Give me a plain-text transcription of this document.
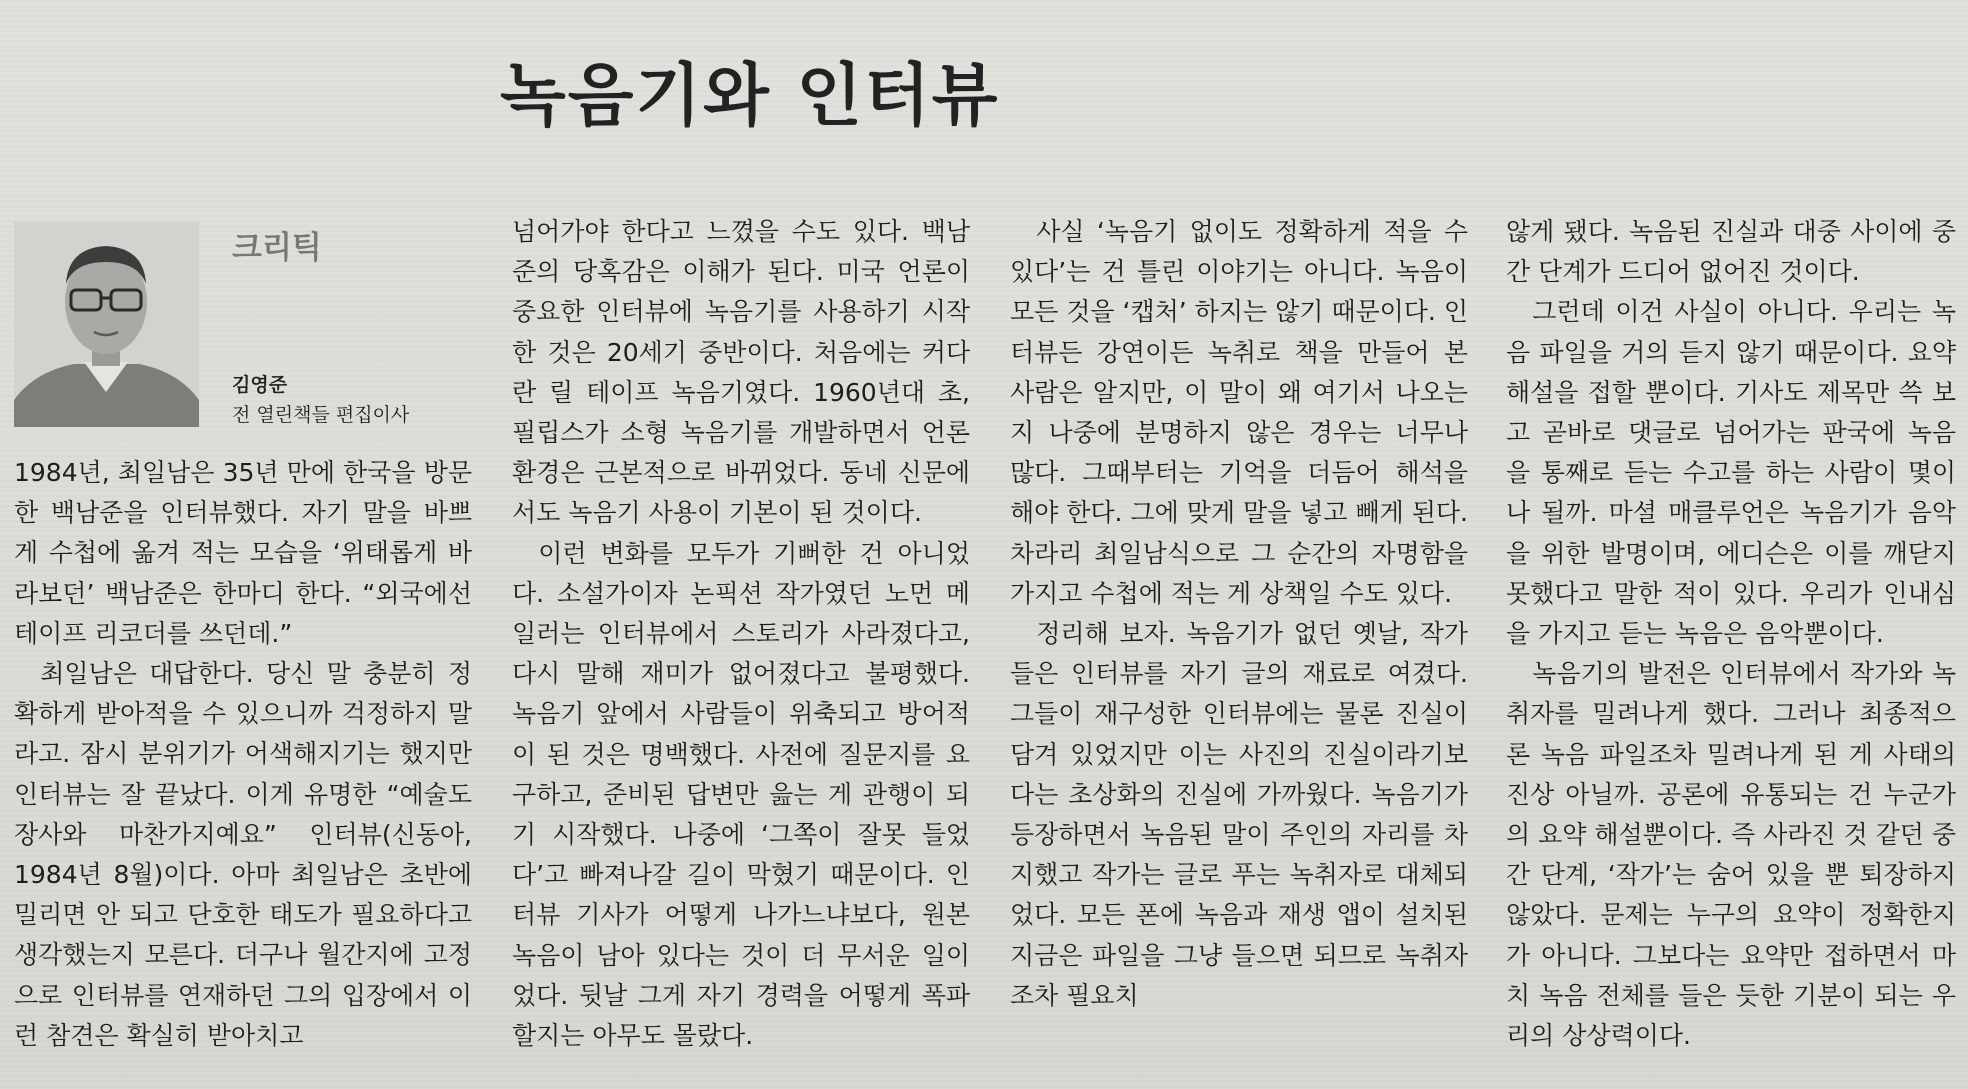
녹음기와 인터뷰
크리틱
김영준
전 열린책들 편집이사

1984년, 최일남은 35년 만에 한국을 방문한 백남준을 인터뷰했다. 자기 말을 바쁘게 수첩에 옮겨 적는 모습을 ‘위태롭게 바라보던’ 백남준은 한마디 한다. “외국에선 테이프 리코더를 쓰던데.”

최일남은 대답한다. 당신 말 충분히 정확하게 받아적을 수 있으니까 걱정하지 말라고. 잠시 분위기가 어색해지기는 했지만 인터뷰는 잘 끝났다. 이게 유명한 “예술도 장사와 마찬가지예요” 인터뷰(신동아, 1984년 8월)이다. 아마 최일남은 초반에 밀리면 안 되고 단호한 태도가 필요하다고 생각했는지 모른다. 더구나 월간지에 고정으로 인터뷰를 연재하던 그의 입장에서 이런 참견은 확실히 받아치고

넘어가야 한다고 느꼈을 수도 있다. 백남준의 당혹감은 이해가 된다. 미국 언론이 중요한 인터뷰에 녹음기를 사용하기 시작한 것은 20세기 중반이다. 처음에는 커다란 릴 테이프 녹음기였다. 1960년대 초, 필립스가 소형 녹음기를 개발하면서 언론 환경은 근본적으로 바뀌었다. 동네 신문에서도 녹음기 사용이 기본이 된 것이다.

이런 변화를 모두가 기뻐한 건 아니었다. 소설가이자 논픽션 작가였던 노먼 메일러는 인터뷰에서 스토리가 사라졌다고, 다시 말해 재미가 없어졌다고 불평했다. 녹음기 앞에서 사람들이 위축되고 방어적이 된 것은 명백했다. 사전에 질문지를 요구하고, 준비된 답변만 읊는 게 관행이 되기 시작했다. 나중에 ‘그쪽이 잘못 들었다’고 빠져나갈 길이 막혔기 때문이다. 인터뷰 기사가 어떻게 나가느냐보다, 원본 녹음이 남아 있다는 것이 더 무서운 일이었다. 뒷날 그게 자기 경력을 어떻게 폭파할지는 아무도 몰랐다.

사실 ‘녹음기 없이도 정확하게 적을 수 있다’는 건 틀린 이야기는 아니다. 녹음이 모든 것을 ‘캡처’ 하지는 않기 때문이다. 인터뷰든 강연이든 녹취로 책을 만들어 본 사람은 알지만, 이 말이 왜 여기서 나오는지 나중에 분명하지 않은 경우는 너무나 많다. 그때부터는 기억을 더듬어 해석을 해야 한다. 그에 맞게 말을 넣고 빼게 된다. 차라리 최일남식으로 그 순간의 자명함을 가지고 수첩에 적는 게 상책일 수도 있다.

정리해 보자. 녹음기가 없던 옛날, 작가들은 인터뷰를 자기 글의 재료로 여겼다. 그들이 재구성한 인터뷰에는 물론 진실이 담겨 있었지만 이는 사진의 진실이라기보다는 초상화의 진실에 가까웠다. 녹음기가 등장하면서 녹음된 말이 주인의 자리를 차지했고 작가는 글로 푸는 녹취자로 대체되었다. 모든 폰에 녹음과 재생 앱이 설치된 지금은 파일을 그냥 들으면 되므로 녹취자조차 필요치

않게 됐다. 녹음된 진실과 대중 사이에 중간 단계가 드디어 없어진 것이다.

그런데 이건 사실이 아니다. 우리는 녹음 파일을 거의 듣지 않기 때문이다. 요약 해설을 접할 뿐이다. 기사도 제목만 쓱 보고 곧바로 댓글로 넘어가는 판국에 녹음을 통째로 듣는 수고를 하는 사람이 몇이나 될까. 마셜 매클루언은 녹음기가 음악을 위한 발명이며, 에디슨은 이를 깨닫지 못했다고 말한 적이 있다. 우리가 인내심을 가지고 듣는 녹음은 음악뿐이다.

녹음기의 발전은 인터뷰에서 작가와 녹취자를 밀려나게 했다. 그러나 최종적으론 녹음 파일조차 밀려나게 된 게 사태의 진상 아닐까. 공론에 유통되는 건 누군가의 요약 해설뿐이다. 즉 사라진 것 같던 중간 단계, ‘작가’는 숨어 있을 뿐 퇴장하지 않았다. 문제는 누구의 요약이 정확한지가 아니다. 그보다는 요약만 접하면서 마치 녹음 전체를 들은 듯한 기분이 되는 우리의 상상력이다.
